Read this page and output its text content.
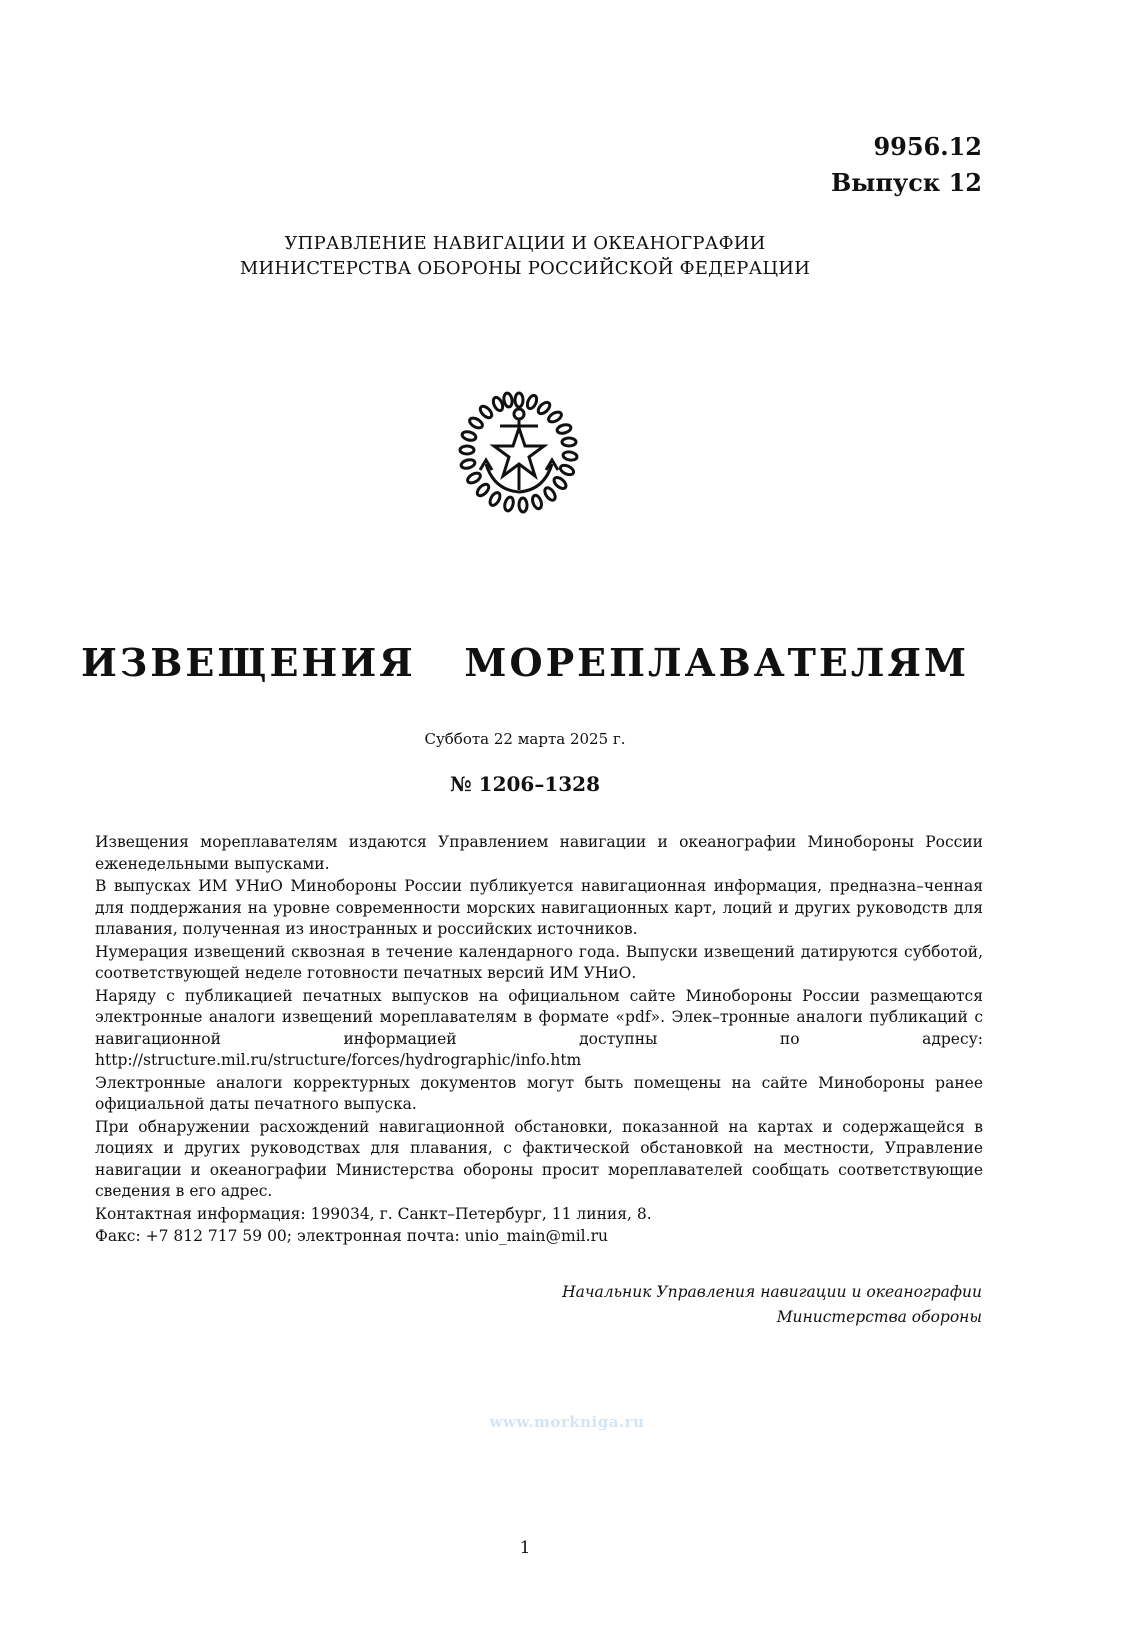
9956.12
Выпуск 12
УПРАВЛЕНИЕ НАВИГАЦИИ И ОКЕАНОГРАФИИ
МИНИСТЕРСТВА ОБОРОНЫ РОССИЙСКОЙ ФЕДЕРАЦИИ
ИЗВЕЩЕНИЯ   МОРЕПЛАВАТЕЛЯМ
Суббота 22 марта 2025 г.
№ 1206–1328

Извещения мореплавателям издаются Управлением навигации и океанографии Минобороны России еженедельными выпусками.

В выпусках ИМ УНиО Минобороны России публикуется навигационная информация, предназна–ченная для поддержания на уровне современности морских навигационных карт, лоций и других руководств для плавания, полученная из иностранных и российских источников.

Нумерация извещений сквозная в течение календарного года. Выпуски извещений датируются субботой, соответствующей неделе готовности печатных версий ИМ УНиО.

Наряду с публикацией печатных выпусков на официальном сайте Минобороны России размещаются электронные аналоги извещений мореплавателям в формате «pdf». Элек–тронные аналоги публикаций с навигационной информацией доступны по адресу: http://structure.mil.ru/structure/forces/hydrographic/info.htm

Электронные аналоги корректурных документов могут быть помещены на сайте Минобороны ранее официальной даты печатного выпуска.

При обнаружении расхождений навигационной обстановки, показанной на картах и содержащейся в лоциях и других руководствах для плавания, с фактической обстановкой на местности, Управление навигации и океанографии Министерства обороны просит мореплавателей сообщать соответствующие сведения в его адрес.

Контактная информация: 199034, г. Санкт–Петербург, 11 линия, 8.

Факс: +7 812 717 59 00; электронная почта: unio_main@mil.ru

Начальник Управления навигации и океанографии
Министерства обороны
www.morkniga.ru
1
